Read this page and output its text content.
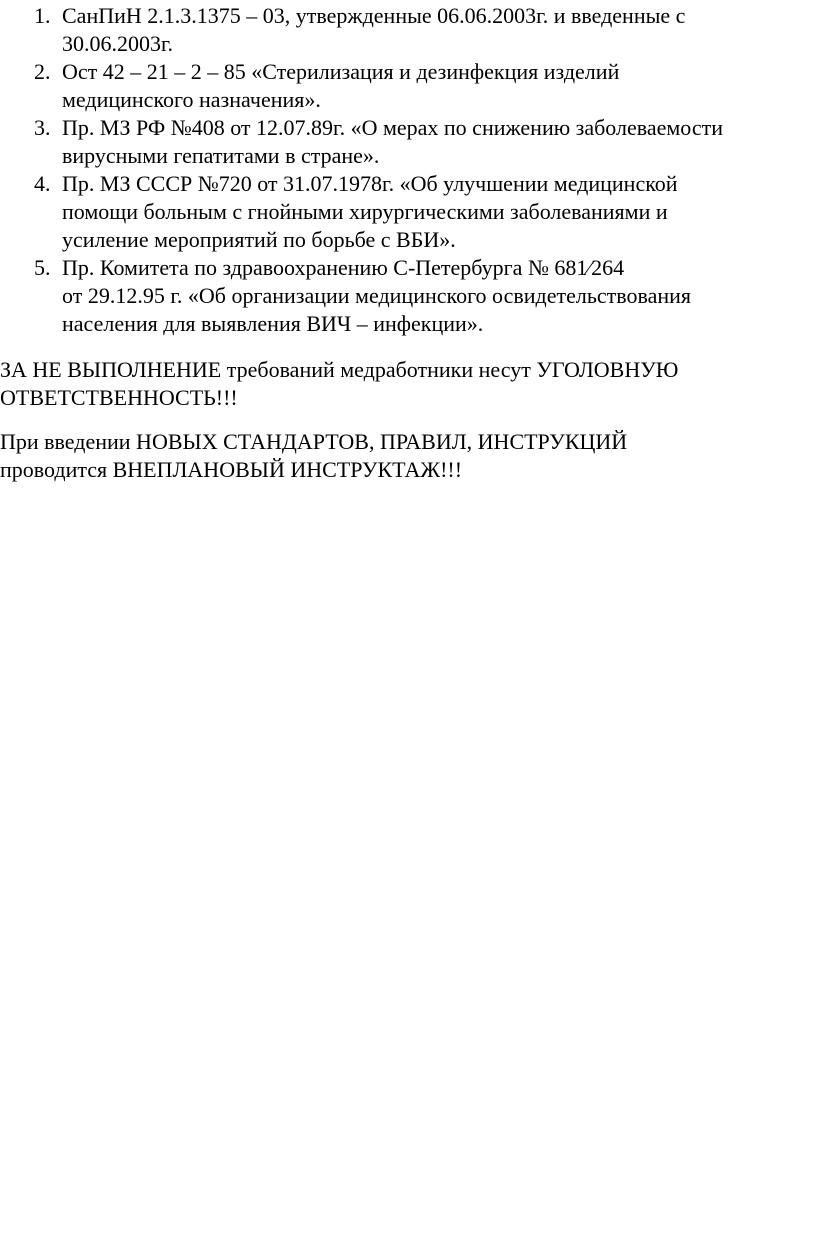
1. СанПиН 2.1.3.1375 – 03, утвержденные 06.06.2003г. и введенные с
30.06.2003г.
2. Ост 42 – 21 – 2 – 85 «Стерилизация и дезинфекция изделий
медицинского назначения».
3. Пр. МЗ РФ №408 от 12.07.89г. «О мерах по снижению заболеваемости
вирусными гепатитами в стране».
4. Пр. МЗ СССР №720 от 31.07.1978г. «Об улучшении медицинской
помощи больным с гнойными хирургическими заболеваниями и
усиление мероприятий по борьбе с ВБИ».
5. Пр. Комитета по здравоохранению С-Петербурга № 681⁄264
от 29.12.95 г. «Об организации медицинского освидетельствования
населения для выявления ВИЧ – инфекции».

ЗА НЕ ВЫПОЛНЕНИЕ требований медработники несут УГОЛОВНУЮ
ОТВЕТСТВЕННОСТЬ!!!

При введении НОВЫХ СТАНДАРТОВ, ПРАВИЛ, ИНСТРУКЦИЙ
проводится ВНЕПЛАНОВЫЙ ИНСТРУКТАЖ!!!
